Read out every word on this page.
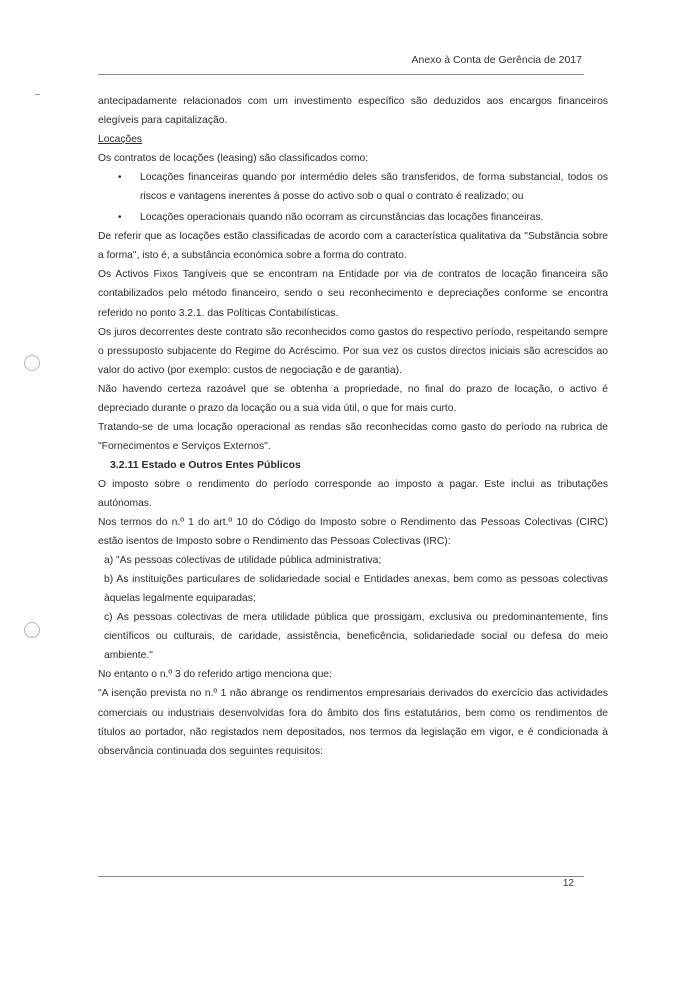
Anexo à Conta de Gerência de 2017

antecipadamente relacionados com um investimento específico são deduzidos aos encargos financeiros elegíveis para capitalização.

Locações

Os contratos de locações (leasing) são classificados como:

• Locações financeiras quando por intermédio deles são transferidos, de forma substancial, todos os riscos e vantagens inerentes à posse do activo sob o qual o contrato é realizado; ou
• Locações operacionais quando não ocorram as circunstâncias das locações financeiras.

De referir que as locações estão classificadas de acordo com a característica qualitativa da "Substância sobre a forma", isto é, a substância económica sobre a forma do contrato.

Os Activos Fixos Tangíveis que se encontram na Entidade por via de contratos de locação financeira são contabilizados pelo método financeiro, sendo o seu reconhecimento e depreciações conforme se encontra referido no ponto 3.2.1. das Políticas Contabilísticas.

Os juros decorrentes deste contrato são reconhecidos como gastos do respectivo período, respeitando sempre o pressuposto subjacente do Regime do Acréscimo. Por sua vez os custos directos iniciais são acrescidos ao valor do activo (por exemplo: custos de negociação e de garantia).

Não havendo certeza razoável que se obtenha a propriedade, no final do prazo de locação, o activo é depreciado durante o prazo da locação ou a sua vida útil, o que for mais curto.

Tratando-se de uma locação operacional as rendas são reconhecidas como gasto do período na rubrica de "Fornecimentos e Serviços Externos".

3.2.11 Estado e Outros Entes Públicos

O imposto sobre o rendimento do período corresponde ao imposto a pagar. Este inclui as tributações autónomas.

Nos termos do n.º 1 do art.º 10 do Código do Imposto sobre o Rendimento das Pessoas Colectivas (CIRC) estão isentos de Imposto sobre o Rendimento das Pessoas Colectivas (IRC):

a) "As pessoas colectivas de utilidade pública administrativa;

b) As instituições particulares de solidariedade social e Entidades anexas, bem como as pessoas colectivas àquelas legalmente equiparadas;

c) As pessoas colectivas de mera utilidade pública que prossigam, exclusiva ou predominantemente, fins científicos ou culturais, de caridade, assistência, beneficência, solidariedade social ou defesa do meio ambiente."

No entanto o n.º 3 do referido artigo menciona que:

"A isenção prevista no n.º 1 não abrange os rendimentos empresariais derivados do exercício das actividades comerciais ou industriais desenvolvidas fora do âmbito dos fins estatutários, bem como os rendimentos de títulos ao portador, não registados nem depositados, nos termos da legislação em vigor, e é condicionada à observância continuada dos seguintes requisitos:

12
